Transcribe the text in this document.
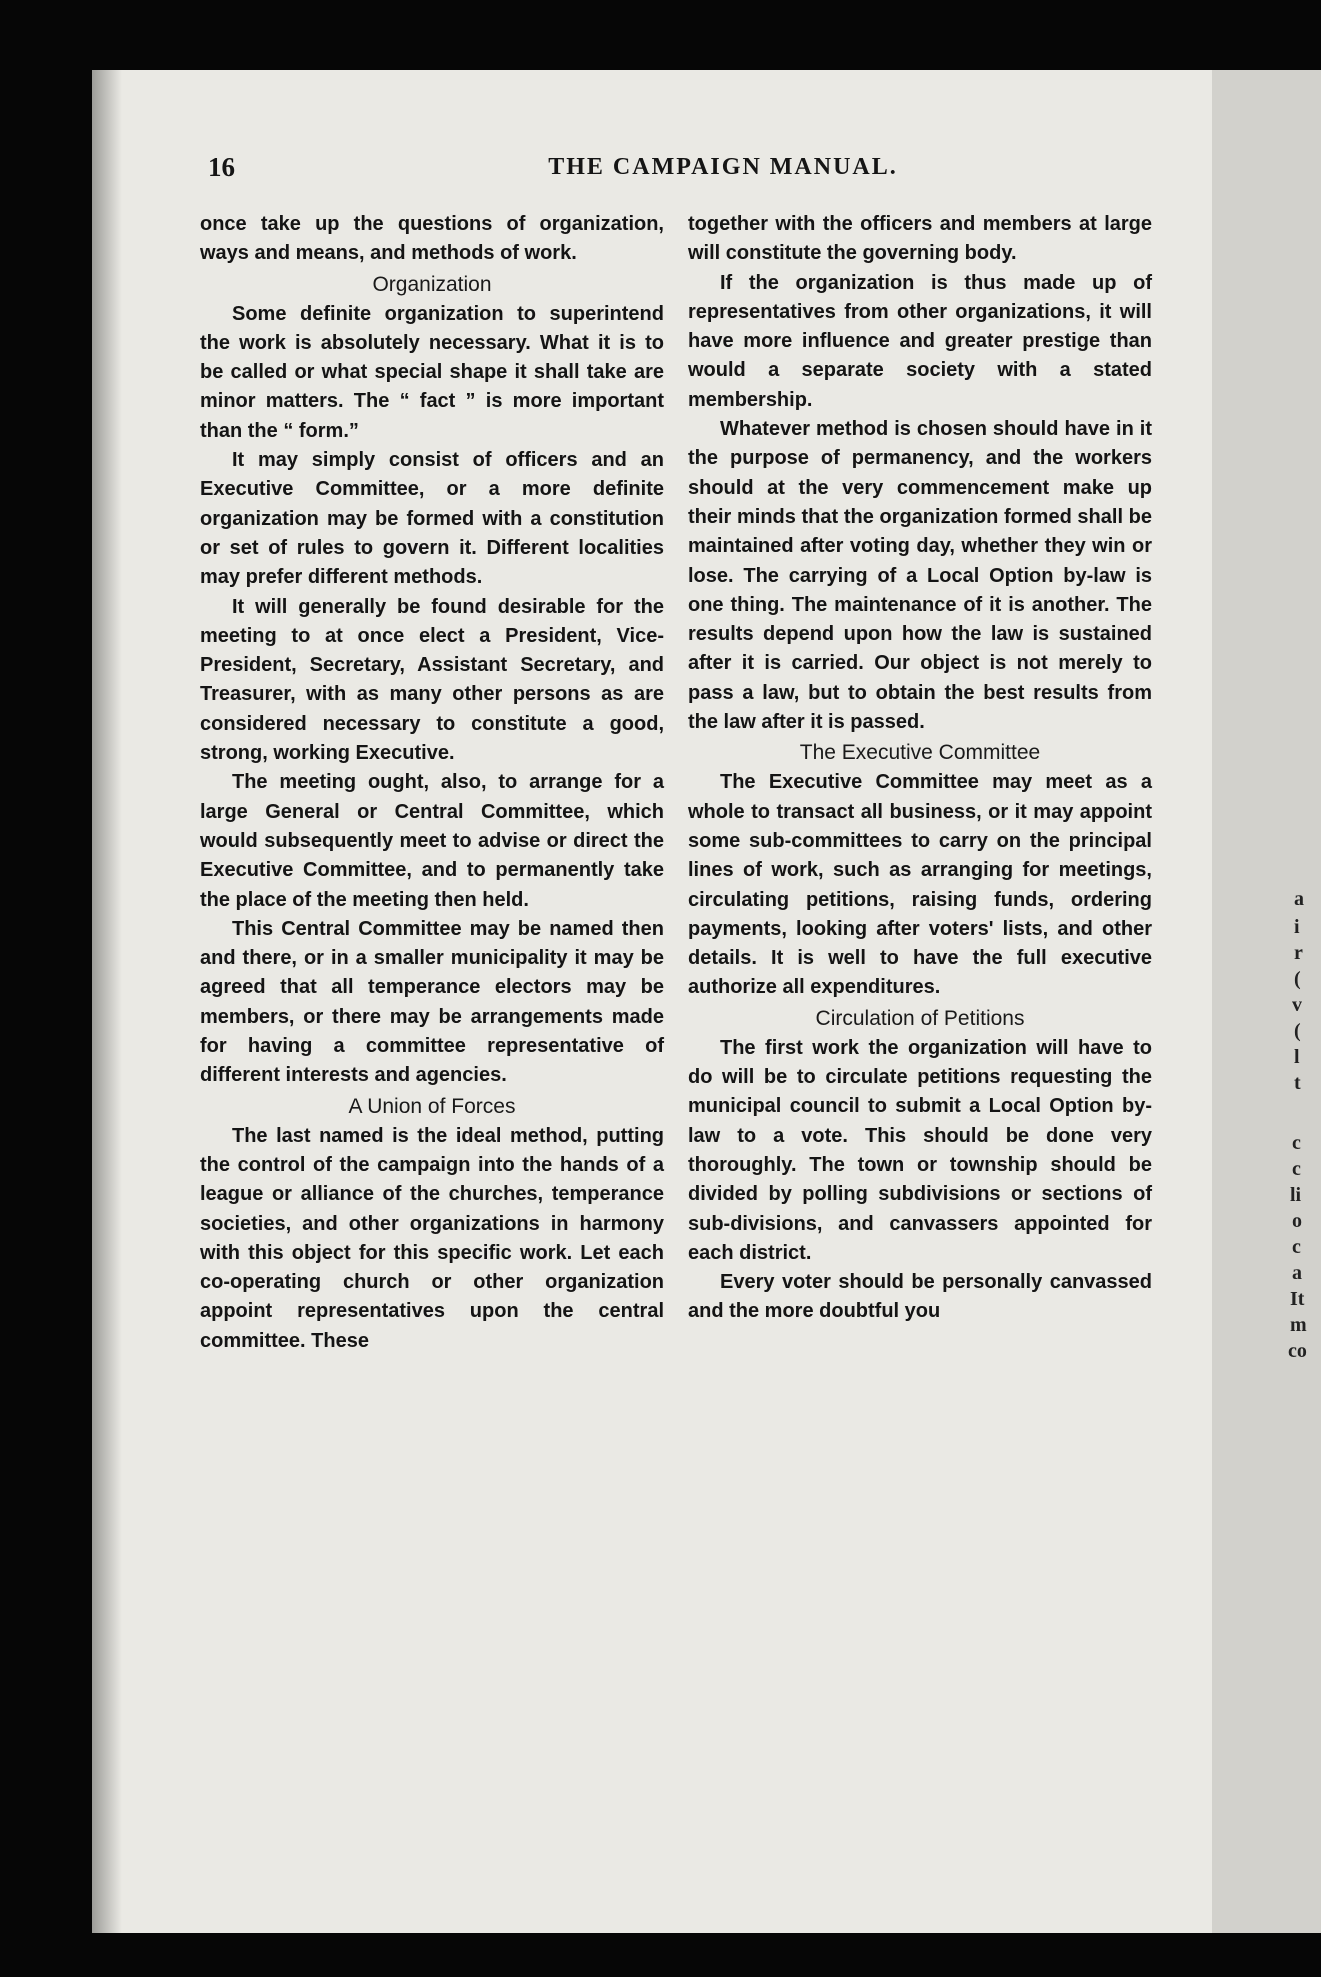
a
i
r
(
v
(
l
t
c
c
li
o
c
a
It
m
co
16	THE CAMPAIGN MANUAL.

once take up the questions of organization, ways and means, and methods of work.

Organization

Some definite organization to superintend the work is absolutely necessary. What it is to be called or what special shape it shall take are minor matters. The “ fact ” is more important than the “ form.”

It may simply consist of officers and an Executive Committee, or a more definite organization may be formed with a constitution or set of rules to govern it. Different localities may prefer different methods.

It will generally be found desirable for the meeting to at once elect a President, Vice-President, Secretary, Assistant Secretary, and Treasurer, with as many other persons as are considered necessary to constitute a good, strong, working Executive.

The meeting ought, also, to arrange for a large General or Central Committee, which would subsequently meet to advise or direct the Executive Committee, and to permanently take the place of the meeting then held.

This Central Committee may be named then and there, or in a smaller municipality it may be agreed that all temperance electors may be members, or there may be arrangements made for having a committee representative of different interests and agencies.

A Union of Forces

The last named is the ideal method, putting the control of the campaign into the hands of a league or alliance of the churches, temperance societies, and other organizations in harmony with this object for this specific work. Let each co-operating church or other organization appoint representatives upon the central committee. These

together with the officers and members at large will constitute the governing body.

If the organization is thus made up of representatives from other organizations, it will have more influence and greater prestige than would a separate society with a stated membership.

Whatever method is chosen should have in it the purpose of permanency, and the workers should at the very commencement make up their minds that the organization formed shall be maintained after voting day, whether they win or lose. The carrying of a Local Option by-law is one thing. The maintenance of it is another. The results depend upon how the law is sustained after it is carried. Our object is not merely to pass a law, but to obtain the best results from the law after it is passed.

The Executive Committee

The Executive Committee may meet as a whole to transact all business, or it may appoint some sub-committees to carry on the principal lines of work, such as arranging for meetings, circulating petitions, raising funds, ordering payments, looking after voters' lists, and other details. It is well to have the full executive authorize all expenditures.

Circulation of Petitions

The first work the organization will have to do will be to circulate petitions requesting the municipal council to submit a Local Option by-law to a vote. This should be done very thoroughly. The town or township should be divided by polling subdivisions or sections of sub-divisions, and canvassers appointed for each district.

Every voter should be personally canvassed and the more doubtful you
